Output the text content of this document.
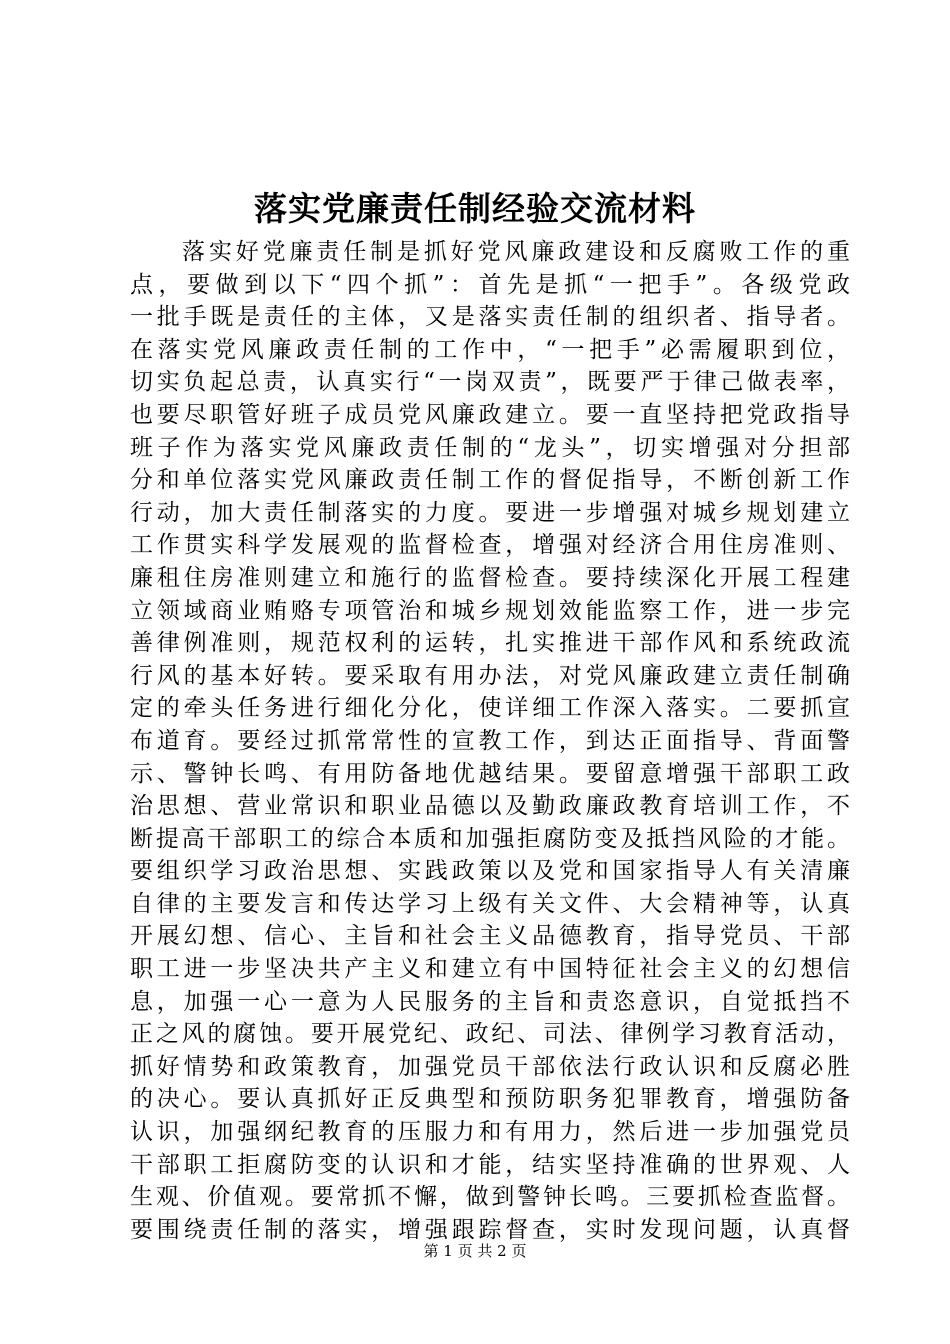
落实党廉责任制经验交流材料
落实好党廉责任制是抓好党风廉政建设和反腐败工作的重
点，要做到以下“四个抓”：首先是抓“一把手”。各级党政
一批手既是责任的主体，又是落实责任制的组织者、指导者。
在落实党风廉政责任制的工作中，“一把手”必需履职到位，
切实负起总责，认真实行“一岗双责”，既要严于律己做表率，
也要尽职管好班子成员党风廉政建立。要一直坚持把党政指导
班子作为落实党风廉政责任制的“龙头”，切实增强对分担部
分和单位落实党风廉政责任制工作的督促指导，不断创新工作
行动，加大责任制落实的力度。要进一步增强对城乡规划建立
工作贯实科学发展观的监督检查，增强对经济合用住房准则、
廉租住房准则建立和施行的监督检查。要持续深化开展工程建
立领域商业贿赂专项管治和城乡规划效能监察工作，进一步完
善律例准则，规范权利的运转，扎实推进干部作风和系统政流
行风的基本好转。要采取有用办法，对党风廉政建立责任制确
定的牵头任务进行细化分化，使详细工作深入落实。二要抓宣
布道育。要经过抓常常性的宣教工作，到达正面指导、背面警
示、警钟长鸣、有用防备地优越结果。要留意增强干部职工政
治思想、营业常识和职业品德以及勤政廉政教育培训工作，不
断提高干部职工的综合本质和加强拒腐防变及抵挡风险的才能。
要组织学习政治思想、实践政策以及党和国家指导人有关清廉
自律的主要发言和传达学习上级有关文件、大会精神等，认真
开展幻想、信心、主旨和社会主义品德教育，指导党员、干部
职工进一步坚决共产主义和建立有中国特征社会主义的幻想信
息，加强一心一意为人民服务的主旨和责恣意识，自觉抵挡不
正之风的腐蚀。要开展党纪、政纪、司法、律例学习教育活动，
抓好情势和政策教育，加强党员干部依法行政认识和反腐必胜
的决心。要认真抓好正反典型和预防职务犯罪教育，增强防备
认识，加强纲纪教育的压服力和有用力，然后进一步加强党员
干部职工拒腐防变的认识和才能，结实坚持准确的世界观、人
生观、价值观。要常抓不懈，做到警钟长鸣。三要抓检查监督。
要围绕责任制的落实，增强跟踪督查，实时发现问题，认真督
第 1 页 共 2 页
